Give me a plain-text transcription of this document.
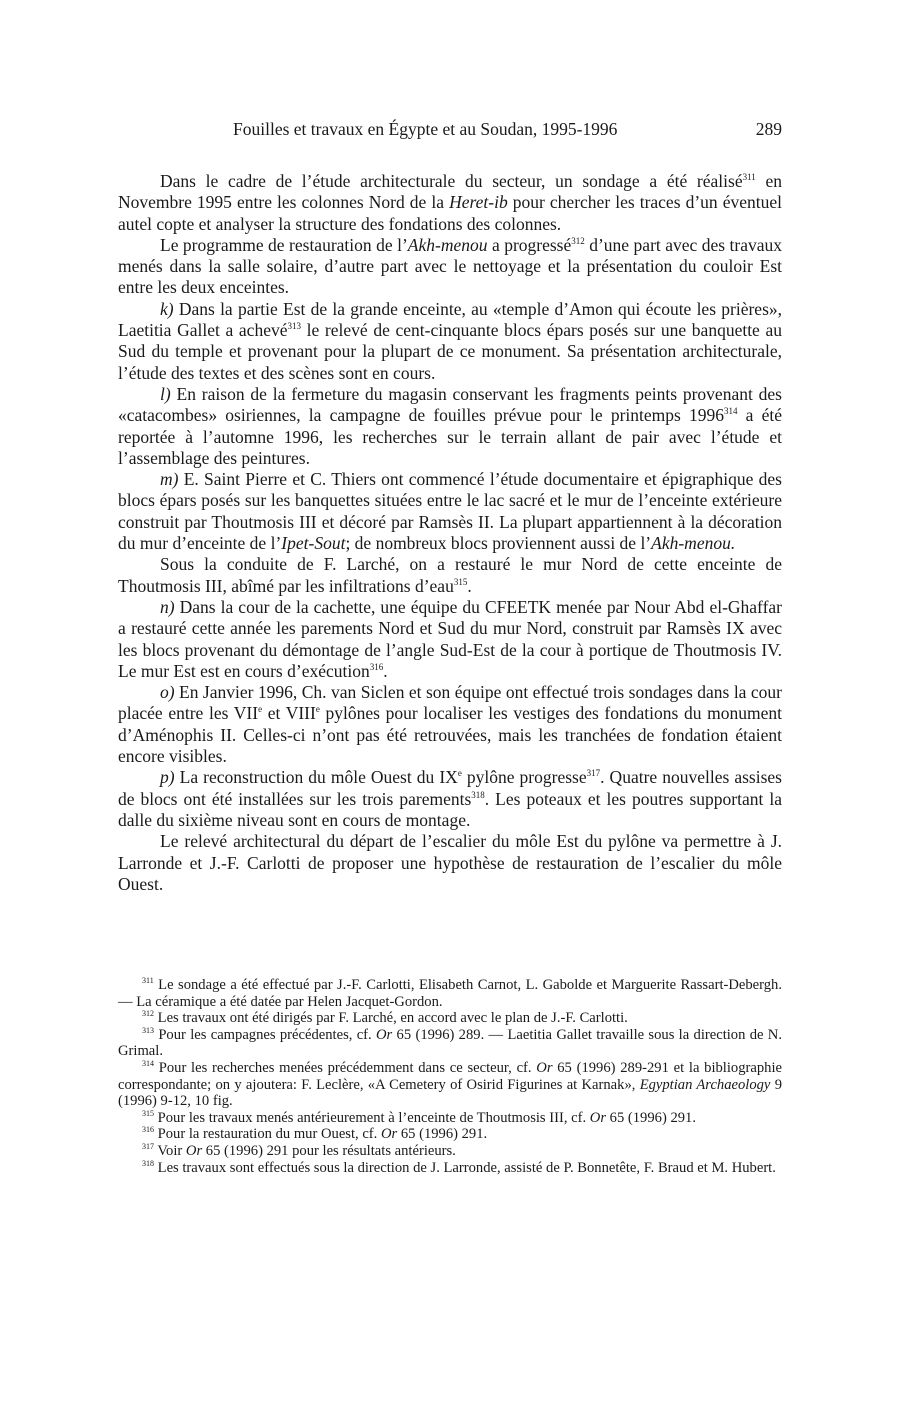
Fouilles et travaux en Égypte et au Soudan, 1995-1996	289

Dans le cadre de l’étude architecturale du secteur, un sondage a été réalisé$^{311}$ en Novembre 1995 entre les colonnes Nord de la Heret-ib pour chercher les traces d’un éventuel autel copte et analyser la structure des fondations des colonnes.

Le programme de restauration de l’Akh-menou a progressé$^{312}$ d’une part avec des travaux menés dans la salle solaire, d’autre part avec le nettoyage et la présentation du couloir Est entre les deux enceintes.

k) Dans la partie Est de la grande enceinte, au «temple d’Amon qui écoute les prières», Laetitia Gallet a achevé$^{313}$ le relevé de cent-cinquante blocs épars posés sur une banquette au Sud du temple et provenant pour la plupart de ce monument. Sa présentation architecturale, l’étude des textes et des scènes sont en cours.

l) En raison de la fermeture du magasin conservant les fragments peints provenant des «catacombes» osiriennes, la campagne de fouilles prévue pour le printemps 1996$^{314}$ a été reportée à l’automne 1996, les recherches sur le terrain allant de pair avec l’étude et l’assemblage des peintures.

m) E. Saint Pierre et C. Thiers ont commencé l’étude documentaire et épigraphique des blocs épars posés sur les banquettes situées entre le lac sacré et le mur de l’enceinte extérieure construit par Thoutmosis III et décoré par Ramsès II. La plupart appartiennent à la décoration du mur d’enceinte de l’Ipet-Sout; de nombreux blocs proviennent aussi de l’Akh-menou.

Sous la conduite de F. Larché, on a restauré le mur Nord de cette enceinte de Thoutmosis III, abîmé par les infiltrations d’eau$^{315}$.

n) Dans la cour de la cachette, une équipe du CFEETK menée par Nour Abd el-Ghaffar a restauré cette année les parements Nord et Sud du mur Nord, construit par Ramsès IX avec les blocs provenant du démontage de l’angle Sud-Est de la cour à portique de Thoutmosis IV. Le mur Est est en cours d’exécution$^{316}$.

o) En Janvier 1996, Ch. van Siclen et son équipe ont effectué trois sondages dans la cour placée entre les VIIe et VIIIe pylônes pour localiser les vestiges des fondations du monument d’Aménophis II. Celles-ci n’ont pas été retrouvées, mais les tranchées de fondation étaient encore visibles.

p) La reconstruction du môle Ouest du IXe pylône progresse$^{317}$. Quatre nouvelles assises de blocs ont été installées sur les trois parements$^{318}$. Les poteaux et les poutres supportant la dalle du sixième niveau sont en cours de montage.

Le relevé architectural du départ de l’escalier du môle Est du pylône va permettre à J. Larronde et J.-F. Carlotti de proposer une hypothèse de restauration de l’escalier du môle Ouest.

$^{311}$ Le sondage a été effectué par J.-F. Carlotti, Elisabeth Carnot, L. Gabolde et Marguerite Rassart-Debergh. — La céramique a été datée par Helen Jacquet-Gordon.

$^{312}$ Les travaux ont été dirigés par F. Larché, en accord avec le plan de J.-F. Carlotti.

$^{313}$ Pour les campagnes précédentes, cf. Or 65 (1996) 289. — Laetitia Gallet travaille sous la direction de N. Grimal.

$^{314}$ Pour les recherches menées précédemment dans ce secteur, cf. Or 65 (1996) 289-291 et la bibliographie correspondante; on y ajoutera: F. Leclère, «A Cemetery of Osirid Figurines at Karnak», Egyptian Archaeology 9 (1996) 9-12, 10 fig.

$^{315}$ Pour les travaux menés antérieurement à l’enceinte de Thoutmosis III, cf. Or 65 (1996) 291.

$^{316}$ Pour la restauration du mur Ouest, cf. Or 65 (1996) 291.

$^{317}$ Voir Or 65 (1996) 291 pour les résultats antérieurs.

$^{318}$ Les travaux sont effectués sous la direction de J. Larronde, assisté de P. Bonnetête, F. Braud et M. Hubert.
